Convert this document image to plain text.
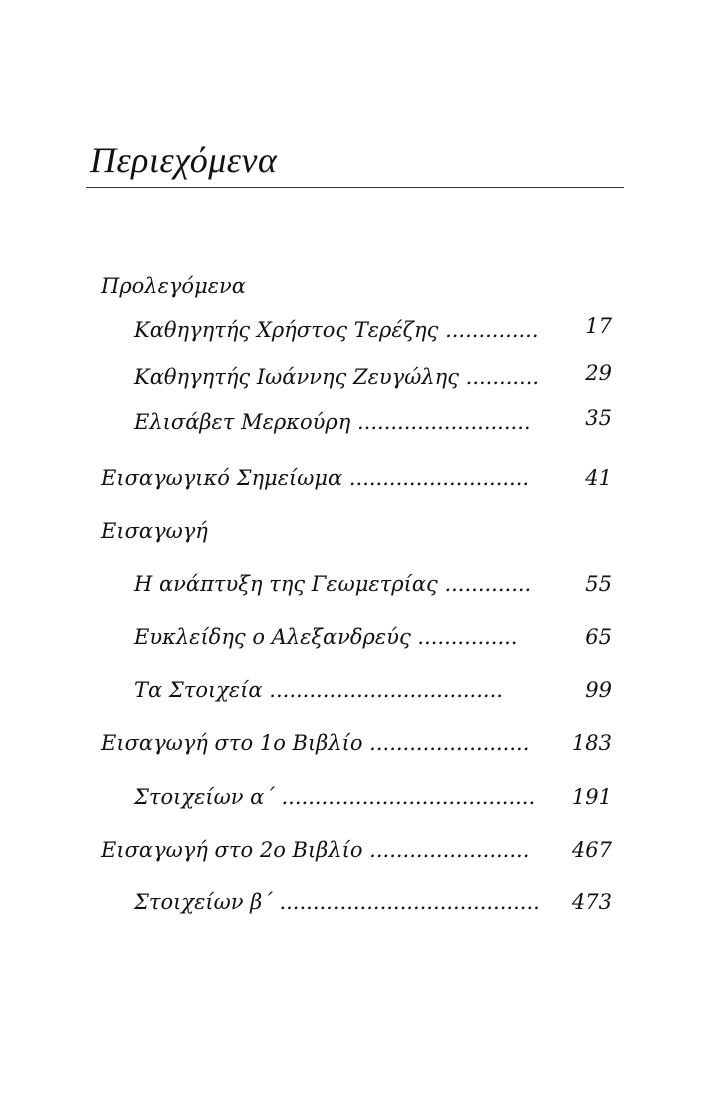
Περιεχόμενα
Προλεγόμενα
Καθηγητής Χρήστος Τερέζης .............. 17
Καθηγητής Ιωάννης Ζευγώλης ........... 29
Ελισάβετ Μερκούρη ..........................	35
Εισαγωγικό Σημείωμα ...........................	41
Εισαγωγή
Η ανάπτυξη της Γεωμετρίας .............	55
Ευκλείδης ο Αλεξανδρεύς ...............	65
Τα Στοιχεία ...................................	99
Εισαγωγή στο 1ο Βιβλίο ........................ 183
Στοιχείων α΄ ...................................... 191
Εισαγωγή στο 2ο Βιβλίο ........................ 467
Στοιχείων β΄ ....................................... 473
